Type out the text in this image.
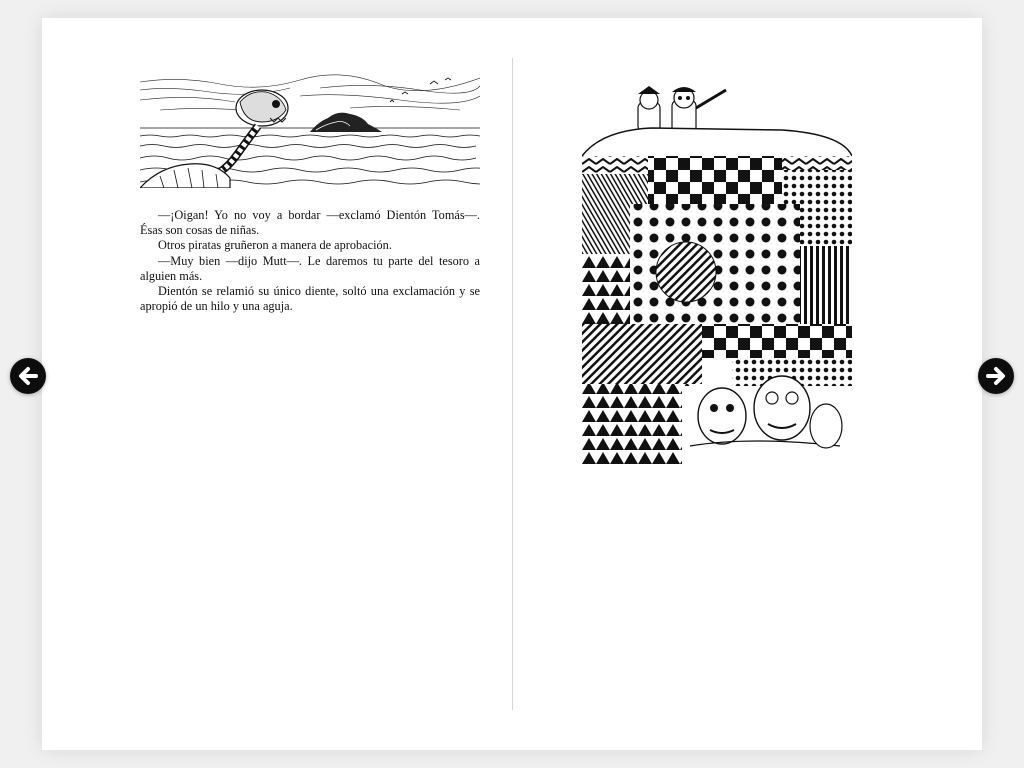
—¡Oigan! Yo no voy a bordar —exclamó Dientón Tomás—. Ésas son cosas de niñas.

Otros piratas gruñeron a manera de aprobación.

—Muy bien —dijo Mutt—. Le daremos tu parte del tesoro a alguien más.

Dientón se relamió su único diente, soltó una exclamación y se apropió de un hilo y una aguja.
